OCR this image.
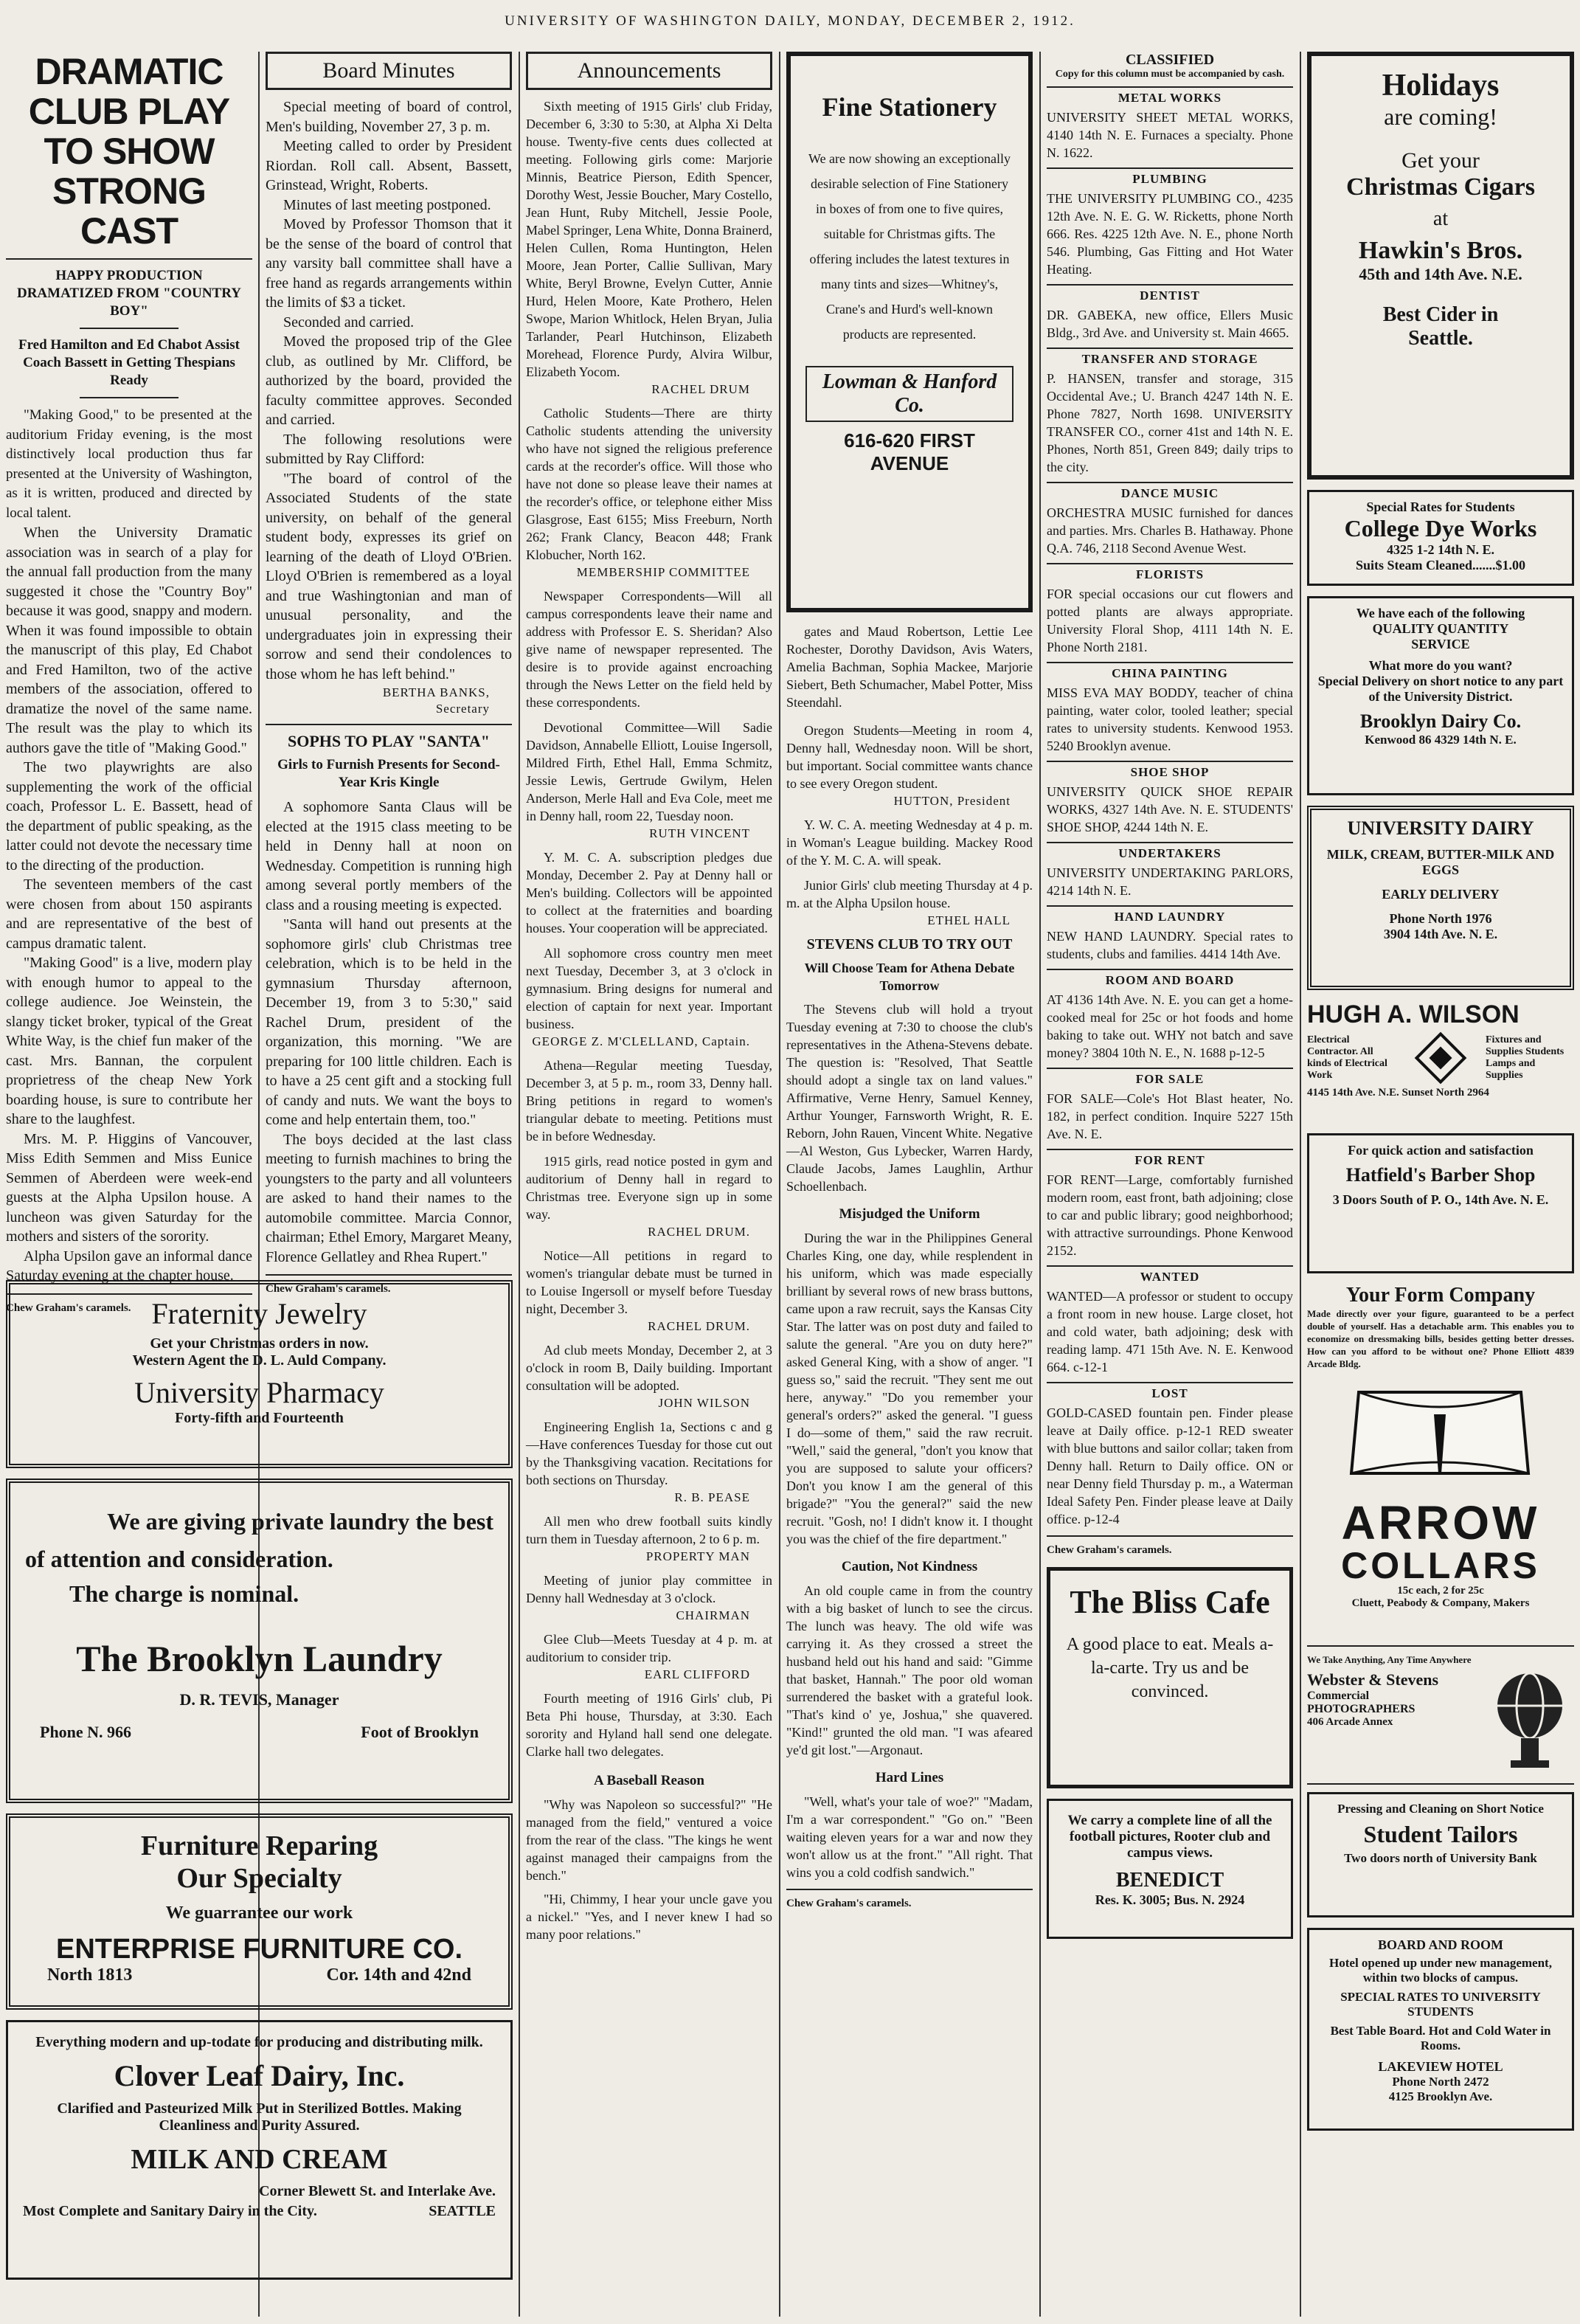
UNIVERSITY OF WASHINGTON DAILY, MONDAY, DECEMBER 2, 1912.
DRAMATIC CLUB PLAY TO SHOW STRONG CAST
HAPPY PRODUCTION DRAMATIZED FROM "COUNTRY BOY"
Fred Hamilton and Ed Chabot Assist Coach Bassett in Getting Thespians Ready

"Making Good," to be presented at the auditorium Friday evening, is the most distinctively local production thus far presented at the University of Washington, as it is written, produced and directed by local talent.

When the University Dramatic association was in search of a play for the annual fall production from the many suggested it chose the "Country Boy" because it was good, snappy and modern. When it was found impossible to obtain the manuscript of this play, Ed Chabot and Fred Hamilton, two of the active members of the association, offered to dramatize the novel of the same name. The result was the play to which its authors gave the title of "Making Good."

The two playwrights are also supplementing the work of the official coach, Professor L. E. Bassett, head of the department of public speaking, as the latter could not devote the necessary time to the directing of the production.

The seventeen members of the cast were chosen from about 150 aspirants and are representative of the best of campus dramatic talent.

"Making Good" is a live, modern play with enough humor to appeal to the college audience. Joe Weinstein, the slangy ticket broker, typical of the Great White Way, is the chief fun maker of the cast. Mrs. Bannan, the corpulent proprietress of the cheap New York boarding house, is sure to contribute her share to the laughfest.

Mrs. M. P. Higgins of Vancouver, Miss Edith Semmen and Miss Eunice Semmen of Aberdeen were week-end guests at the Alpha Upsilon house. A luncheon was given Saturday for the mothers and sisters of the sorority.

Alpha Upsilon gave an informal dance Saturday evening at the chapter house.

Chew Graham's caramels.
Board Minutes

Special meeting of board of control, Men's building, November 27, 3 p. m.

Meeting called to order by President Riordan. Roll call. Absent, Bassett, Grinstead, Wright, Roberts.

Minutes of last meeting postponed.

Moved by Professor Thomson that it be the sense of the board of control that any varsity ball committee shall have a free hand as regards arrangements within the limits of $3 a ticket.

Seconded and carried.

Moved the proposed trip of the Glee club, as outlined by Mr. Clifford, be authorized by the board, provided the faculty committee approves. Seconded and carried.

The following resolutions were submitted by Ray Clifford:

"The board of control of the Associated Students of the state university, on behalf of the general student body, expresses its grief on learning of the death of Lloyd O'Brien. Lloyd O'Brien is remembered as a loyal and true Washingtonian and man of unusual personality, and the undergraduates join in expressing their sorrow and send their condolences to those whom he has left behind."

BERTHA BANKS,
Secretary
SOPHS TO PLAY "SANTA"
Girls to Furnish Presents for Second-Year Kris Kingle

A sophomore Santa Claus will be elected at the 1915 class meeting to be held in Denny hall at noon on Wednesday. Competition is running high among several portly members of the class and a rousing meeting is expected.

"Santa will hand out presents at the sophomore girls' club Christmas tree celebration, which is to be held in the gymnasium Thursday afternoon, December 19, from 3 to 5:30," said Rachel Drum, president of the organization, this morning. "We are preparing for 100 little children. Each is to have a 25 cent gift and a stocking full of candy and nuts. We want the boys to come and help entertain them, too."

The boys decided at the last class meeting to furnish machines to bring the youngsters to the party and all volunteers are asked to hand their names to the automobile committee. Marcia Connor, chairman; Ethel Emory, Margaret Meany, Florence Gellatley and Rhea Rupert."

Chew Graham's caramels.
Fraternity Jewelry
Get your Christmas orders in now.
Western Agent the D. L. Auld Company.
University Pharmacy
Forty-fifth and Fourteenth
We are giving private laundry the best
of attention and consideration.
The charge is nominal.
The Brooklyn Laundry
D. R. TEVIS, Manager
Phone N. 966	Foot of Brooklyn
Furniture Reparing
Our Specialty
We guarrantee our work
ENTERPRISE FURNITURE CO.
North 1813	Cor. 14th and 42nd
Everything modern and up-todate for producing and distributing milk.
Clover Leaf Dairy, Inc.
Clarified and Pasteurized Milk Put in Sterilized Bottles. Making Cleanliness and Purity Assured.
MILK AND CREAM
Corner Blewett St. and Interlake Ave.
Most Complete and Sanitary Dairy in the City.	SEATTLE
Announcements

Sixth meeting of 1915 Girls' club Friday, December 6, 3:30 to 5:30, at Alpha Xi Delta house. Twenty-five cents dues collected at meeting. Following girls come: Marjorie Minnis, Beatrice Pierson, Edith Spencer, Dorothy West, Jessie Boucher, Mary Costello, Jean Hunt, Ruby Mitchell, Jessie Poole, Mabel Springer, Lena White, Donna Brainerd, Helen Cullen, Roma Huntington, Helen Moore, Jean Porter, Callie Sullivan, Mary White, Beryl Browne, Evelyn Cutter, Annie Hurd, Helen Moore, Kate Prothero, Helen Swope, Marion Whitlock, Helen Bryan, Julia Tarlander, Pearl Hutchinson, Elizabeth Morehead, Florence Purdy, Alvira Wilbur, Elizabeth Yocom.

RACHEL DRUM

Catholic Students—There are thirty Catholic students attending the university who have not signed the religious preference cards at the recorder's office. Will those who have not done so please leave their names at the recorder's office, or telephone either Miss Glasgrose, East 6155; Miss Freeburn, North 262; Frank Clancy, Beacon 448; Frank Klobucher, North 162.

MEMBERSHIP COMMITTEE

Newspaper Correspondents—Will all campus correspondents leave their name and address with Professor E. S. Sheridan? Also give name of newspaper represented. The desire is to provide against encroaching through the News Letter on the field held by these correspondents.

Devotional Committee—Will Sadie Davidson, Annabelle Elliott, Louise Ingersoll, Mildred Firth, Ethel Hall, Emma Schmitz, Jessie Lewis, Gertrude Gwilym, Helen Anderson, Merle Hall and Eva Cole, meet me in Denny hall, room 22, Tuesday noon.

RUTH VINCENT

Y. M. C. A. subscription pledges due Monday, December 2. Pay at Denny hall or Men's building. Collectors will be appointed to collect at the fraternities and boarding houses. Your cooperation will be appreciated.

All sophomore cross country men meet next Tuesday, December 3, at 3 o'clock in gymnasium. Bring designs for numeral and election of captain for next year. Important business.

GEORGE Z. M'CLELLAND, Captain.

Athena—Regular meeting Tuesday, December 3, at 5 p. m., room 33, Denny hall. Bring petitions in regard to women's triangular debate to meeting. Petitions must be in before Wednesday.

1915 girls, read notice posted in gym and auditorium of Denny hall in regard to Christmas tree. Everyone sign up in some way.

RACHEL DRUM.

Notice—All petitions in regard to women's triangular debate must be turned in to Louise Ingersoll or myself before Tuesday night, December 3.

RACHEL DRUM.

Ad club meets Monday, December 2, at 3 o'clock in room B, Daily building. Important consultation will be adopted.

JOHN WILSON

Engineering English 1a, Sections c and g—Have conferences Tuesday for those cut out by the Thanksgiving vacation. Recitations for both sections on Thursday.

R. B. PEASE

All men who drew football suits kindly turn them in Tuesday afternoon, 2 to 6 p. m.

PROPERTY MAN

Meeting of junior play committee in Denny hall Wednesday at 3 o'clock.

CHAIRMAN

Glee Club—Meets Tuesday at 4 p. m. at auditorium to consider trip.

EARL CLIFFORD

Fourth meeting of 1916 Girls' club, Pi Beta Phi house, Thursday, at 3:30. Each sorority and Hyland hall send one delegate. Clarke hall two delegates.

A Baseball Reason

"Why was Napoleon so successful?" "He managed from the field," ventured a voice from the rear of the class. "The kings he went against managed their campaigns from the bench."

"Hi, Chimmy, I hear your uncle gave you a nickel." "Yes, and I never knew I had so many poor relations."

Fine Stationery

We are now showing an exceptionally desirable selection of Fine Stationery in boxes of from one to five quires, suitable for Christmas gifts. The offering includes the latest textures in many tints and sizes—Whitney's, Crane's and Hurd's well-known products are represented.

Lowman & Hanford Co.
616-620 FIRST AVENUE

gates and Maud Robertson, Lettie Lee Rochester, Dorothy Davidson, Avis Waters, Amelia Bachman, Sophia Mackee, Marjorie Siebert, Beth Schumacher, Mabel Potter, Miss Steendahl.

Oregon Students—Meeting in room 4, Denny hall, Wednesday noon. Will be short, but important. Social committee wants chance to see every Oregon student.

HUTTON, President

Y. W. C. A. meeting Wednesday at 4 p. m. in Woman's League building. Mackey Rood of the Y. M. C. A. will speak.

Junior Girls' club meeting Thursday at 4 p. m. at the Alpha Upsilon house.

ETHEL HALL
STEVENS CLUB TO TRY OUT
Will Choose Team for Athena Debate Tomorrow

The Stevens club will hold a tryout Tuesday evening at 7:30 to choose the club's representatives in the Athena-Stevens debate. The question is: "Resolved, That Seattle should adopt a single tax on land values." Affirmative, Verne Henry, Samuel Kenney, Arthur Younger, Farnsworth Wright, R. E. Reborn, John Rauen, Vincent White. Negative—Al Weston, Gus Lybecker, Warren Hardy, Claude Jacobs, James Laughlin, Arthur Schoellenbach.

Misjudged the Uniform

During the war in the Philippines General Charles King, one day, while resplendent in his uniform, which was made especially brilliant by several rows of new brass buttons, came upon a raw recruit, says the Kansas City Star. The latter was on post duty and failed to salute the general. "Are you on duty here?" asked General King, with a show of anger. "I guess so," said the recruit. "They sent me out here, anyway." "Do you remember your general's orders?" asked the general. "I guess I do—some of them," said the raw recruit. "Well," said the general, "don't you know that you are supposed to salute your officers? Don't you know I am the general of this brigade?" "You the general?" said the new recruit. "Gosh, no! I didn't know it. I thought you was the chief of the fire department."

Caution, Not Kindness

An old couple came in from the country with a big basket of lunch to see the circus. The lunch was heavy. The old wife was carrying it. As they crossed a street the husband held out his hand and said: "Gimme that basket, Hannah." The poor old woman surrendered the basket with a grateful look. "That's kind o' ye, Joshua," she quavered. "Kind!" grunted the old man. "I was afeared ye'd git lost."—Argonaut.

Hard Lines

"Well, what's your tale of woe?" "Madam, I'm a war correspondent." "Go on." "Been waiting eleven years for a war and now they won't allow us at the front." "All right. That wins you a cold codfish sandwich."

Chew Graham's caramels.
CLASSIFIED
Copy for this column must be accompanied by cash.
METAL WORKS

UNIVERSITY SHEET METAL WORKS, 4140 14th N. E. Furnaces a specialty. Phone N. 1622.

PLUMBING

THE UNIVERSITY PLUMBING CO., 4235 12th Ave. N. E. G. W. Ricketts, phone North 666. Res. 4225 12th Ave. N. E., phone North 546. Plumbing, Gas Fitting and Hot Water Heating.

DENTIST

DR. GABEKA, new office, Ellers Music Bldg., 3rd Ave. and University st. Main 4665.

TRANSFER AND STORAGE

P. HANSEN, transfer and storage, 315 Occidental Ave.; U. Branch 4247 14th N. E. Phone 7827, North 1698. UNIVERSITY TRANSFER CO., corner 41st and 14th N. E. Phones, North 851, Green 849; daily trips to the city.

DANCE MUSIC

ORCHESTRA MUSIC furnished for dances and parties. Mrs. Charles B. Hathaway. Phone Q.A. 746, 2118 Second Avenue West.

FLORISTS

FOR special occasions our cut flowers and potted plants are always appropriate. University Floral Shop, 4111 14th N. E. Phone North 2181.

CHINA PAINTING

MISS EVA MAY BODDY, teacher of china painting, water color, tooled leather; special rates to university students. Kenwood 1953. 5240 Brooklyn avenue.

SHOE SHOP

UNIVERSITY QUICK SHOE REPAIR WORKS, 4327 14th Ave. N. E. STUDENTS' SHOE SHOP, 4244 14th N. E.

UNDERTAKERS

UNIVERSITY UNDERTAKING PARLORS, 4214 14th N. E.

HAND LAUNDRY

NEW HAND LAUNDRY. Special rates to students, clubs and families. 4414 14th Ave.

ROOM AND BOARD

AT 4136 14th Ave. N. E. you can get a home-cooked meal for 25c or hot foods and home baking to take out. WHY not batch and save money? 3804 10th N. E., N. 1688 p-12-5

FOR SALE

FOR SALE—Cole's Hot Blast heater, No. 182, in perfect condition. Inquire 5227 15th Ave. N. E.

FOR RENT

FOR RENT—Large, comfortably furnished modern room, east front, bath adjoining; close to car and public library; good neighborhood; with attractive surroundings. Phone Kenwood 2152.

WANTED

WANTED—A professor or student to occupy a front room in new house. Large closet, hot and cold water, bath adjoining; desk with reading lamp. 471 15th Ave. N. E. Kenwood 664. c-12-1

LOST

GOLD-CASED fountain pen. Finder please leave at Daily office. p-12-1 RED sweater with blue buttons and sailor collar; taken from Denny hall. Return to Daily office. ON or near Denny field Thursday p. m., a Waterman Ideal Safety Pen. Finder please leave at Daily office. p-12-4

Chew Graham's caramels.
The Bliss Cafe
A good place to eat. Meals a-la-carte. Try us and be convinced.
We carry a complete line of all the football pictures, Rooter club and campus views.
BENEDICT
Res. K. 3005; Bus. N. 2924
Holidays
are coming!
Get your
Christmas Cigars
at
Hawkin's Bros.
45th and 14th Ave. N.E.
Best Cider in
Seattle.
Special Rates for Students
College Dye Works
4325 1-2 14th N. E.
Suits Steam Cleaned.......$1.00
We have each of the following
QUALITY QUANTITY
SERVICE
What more do you want?
Special Delivery on short notice to any part of the University District.
Brooklyn Dairy Co.
Kenwood 86 4329 14th N. E.
UNIVERSITY DAIRY
MILK, CREAM, BUTTER-MILK AND EGGS
EARLY DELIVERY
Phone North 1976
3904 14th Ave. N. E.
HUGH A. WILSON
Electrical Contractor. All kinds of Electrical Work
Fixtures and Supplies Students Lamps and Supplies
4145 14th Ave. N.E. Sunset North 2964
For quick action and satisfaction
Hatfield's Barber Shop
3 Doors South of P. O., 14th Ave. N. E.
Your Form Company
Made directly over your figure, guaranteed to be a perfect double of yourself. Has a detachable arm. This enables you to economize on dressmaking bills, besides getting better dresses. How can you afford to be without one? Phone Elliott 4839 Arcade Bldg.
ARROW
COLLARS
15c each, 2 for 25c
Cluett, Peabody & Company, Makers
We Take Anything, Any Time Anywhere
Webster & Stevens
Commercial PHOTOGRAPHERS
406 Arcade Annex
Pressing and Cleaning on Short Notice
Student Tailors
Two doors north of University Bank
BOARD AND ROOM
Hotel opened up under new management, within two blocks of campus.
SPECIAL RATES TO UNIVERSITY STUDENTS
Best Table Board. Hot and Cold Water in Rooms.
LAKEVIEW HOTEL
Phone North 2472
4125 Brooklyn Ave.
